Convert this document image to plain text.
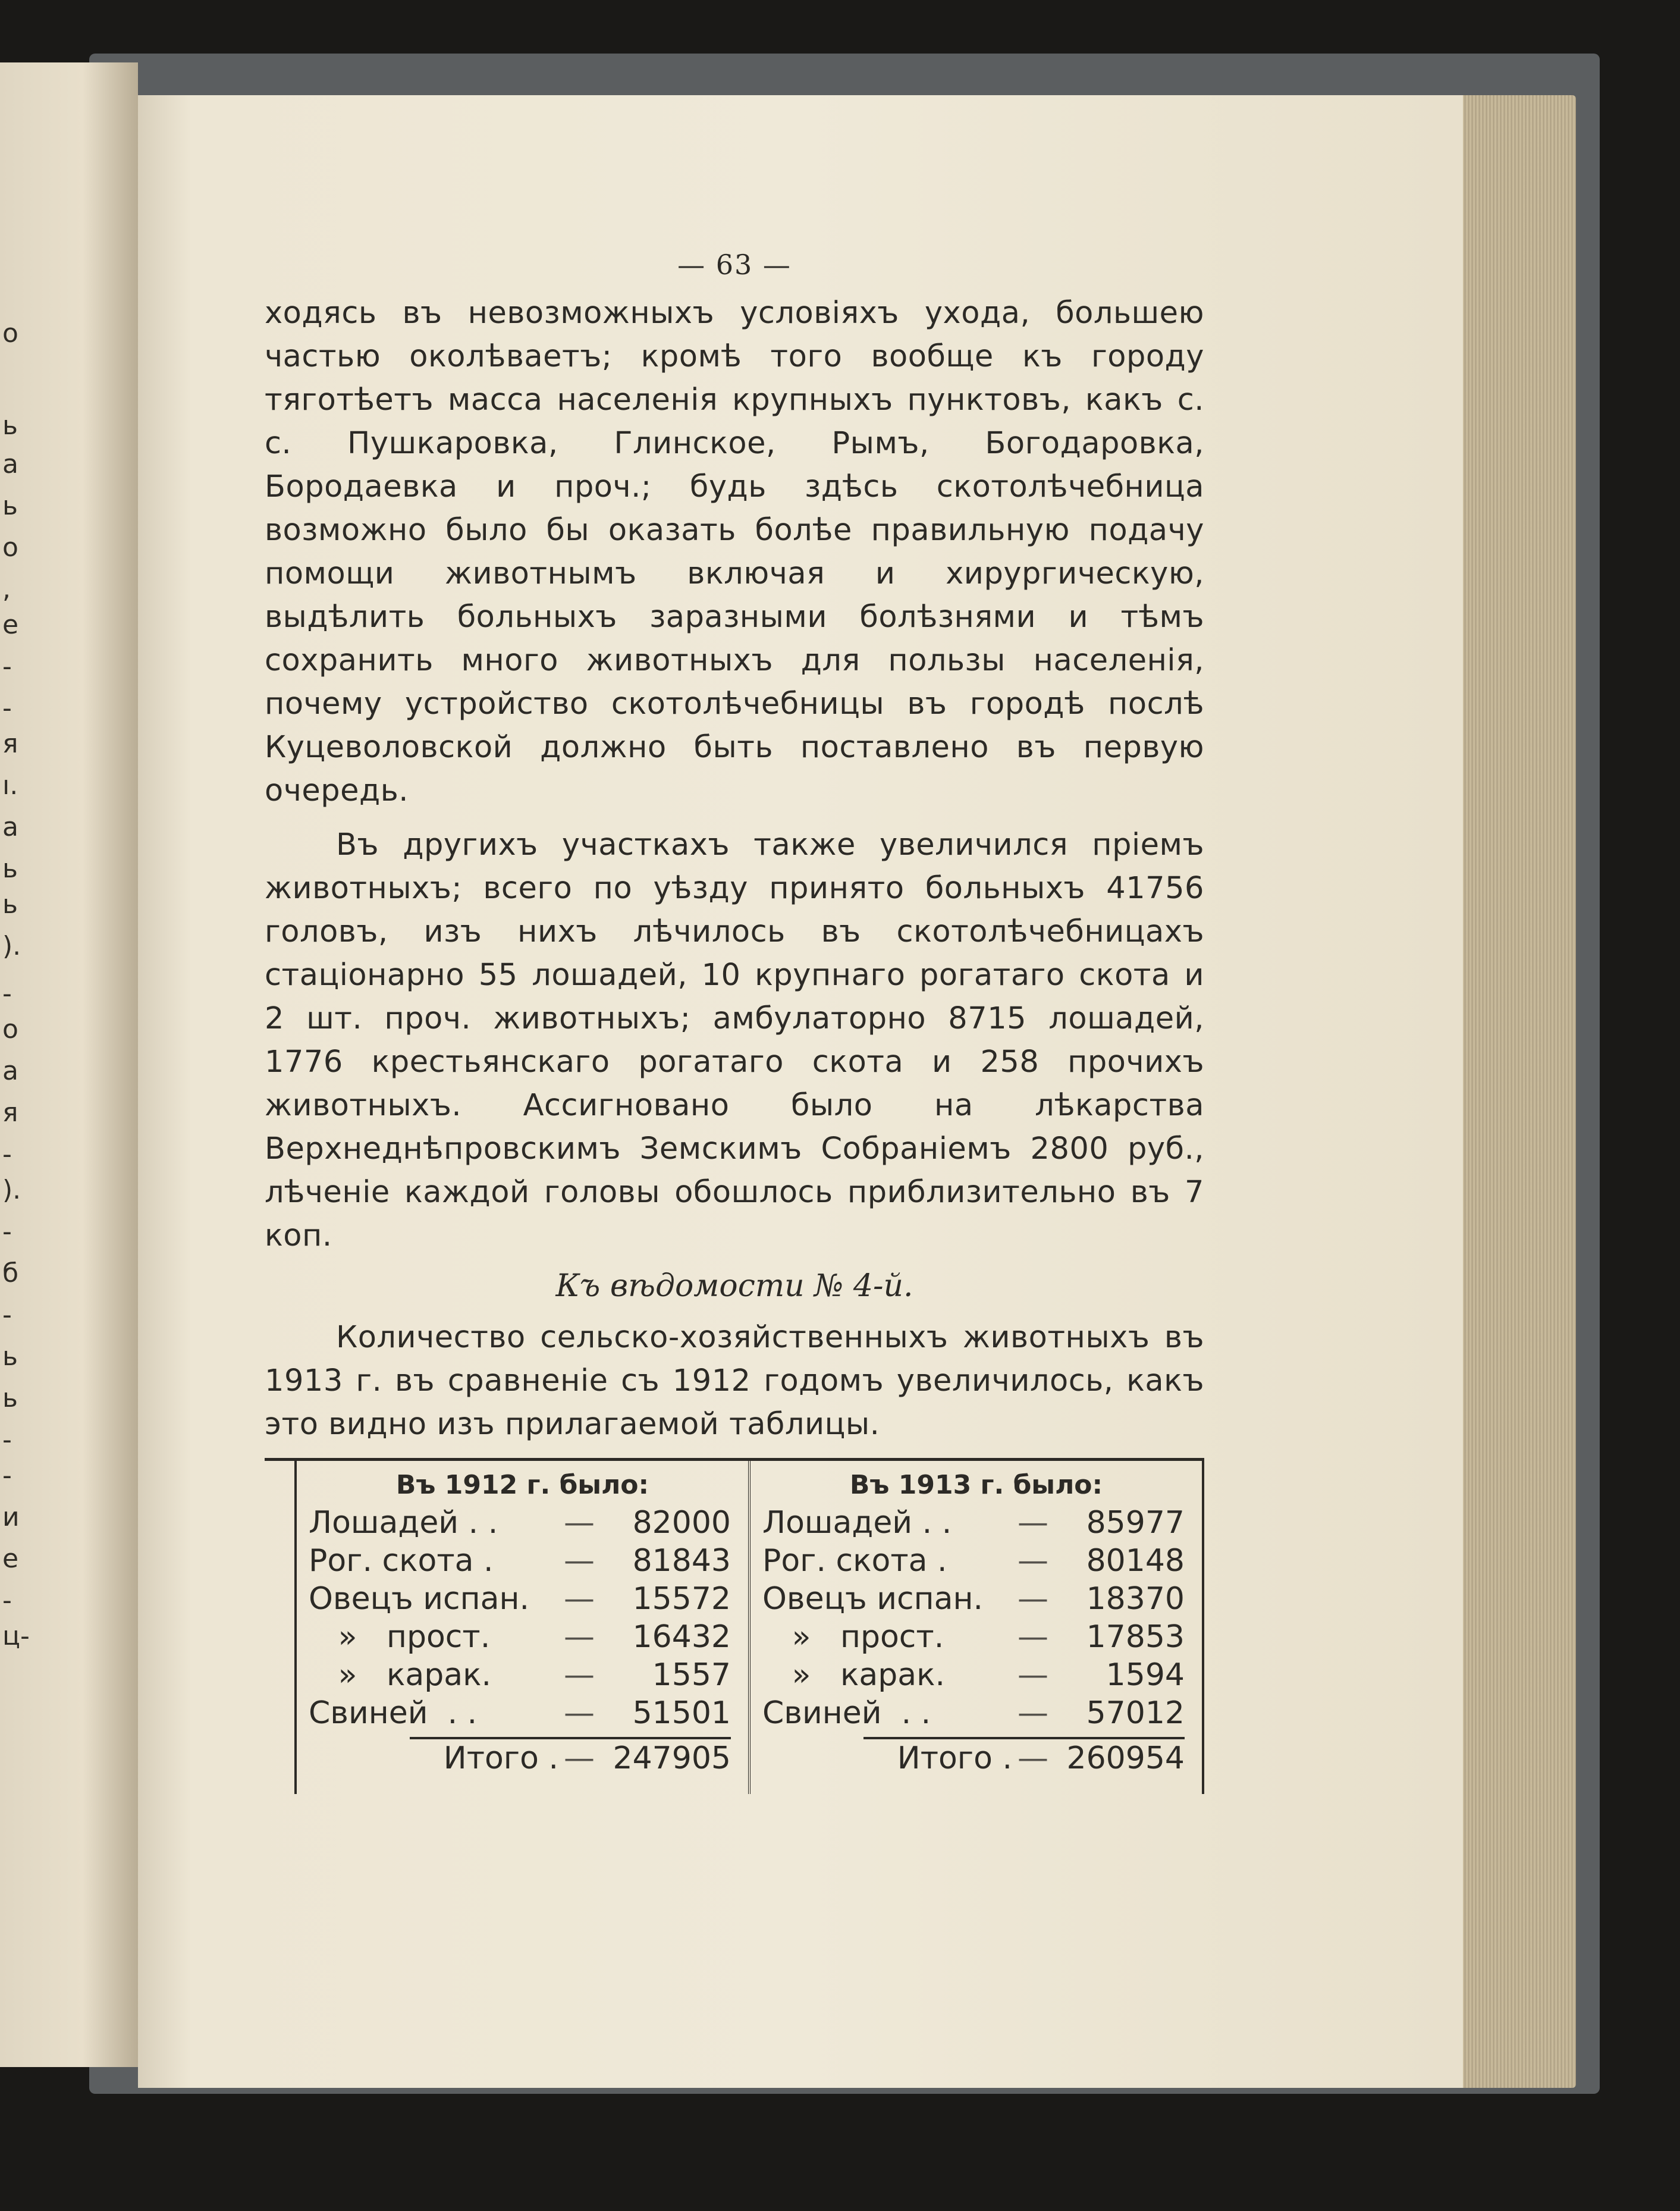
о
ь
а
ь
о
,
е
-
-
я
ı.
а
ь
ь
).
-
о
а
я
-
).
-
б
-
ь
ь
-
-
и
е
-
ц-
— 63 —

ходясь въ невозможныхъ условіяхъ ухода, большею частью околѣваетъ; кромѣ того вообще къ городу тяготѣетъ масса населенія крупныхъ пунктовъ, какъ с. с. Пушкаровка, Глинское, Рымъ, Богодаровка, Бородаевка и проч.; будь здѣсь скотолѣчебница возможно было бы оказать болѣе правильную подачу помощи животнымъ включая и хирургическую, выдѣлить больныхъ заразными болѣзнями и тѣмъ сохранить много животныхъ для пользы населенія, почему устройство скотолѣчебницы въ городѣ послѣ Куцеволовской должно быть поставлено въ первую очередь.

Въ другихъ участкахъ также увеличился пріемъ животныхъ; всего по уѣзду принято больныхъ 41756 головъ, изъ нихъ лѣчилось въ скотолѣчебницахъ стаціонарно 55 лошадей, 10 крупнаго рогатаго скота и 2 шт. проч. животныхъ; амбулаторно 8715 лошадей, 1776 крестьянскаго рогатаго скота и 258 прочихъ животныхъ. Ассигновано было на лѣкарства Верхнеднѣпровскимъ Земскимъ Собраніемъ 2800 руб., лѣченіе каждой головы обошлось приблизительно въ 7 коп.

Къ вѣдомости № 4-й.

Количество сельско-хозяйственныхъ животныхъ въ 1913 г. въ сравненіе съ 1912 годомъ увеличилось, какъ это видно изъ прилагаемой таблицы.

Въ 1912 г. было:
Лошадей . .	—	82000
Рог. скота .	—	81843
Овецъ испан.	—	15572
»   прост.	—	16432
»   карак.	—	1557
Свиней  . .	—	51501
Итого . — 247905
Въ 1913 г. было:
Лошадей . .	—	85977
Рог. скота .	—	80148
Овецъ испан.	—	18370
»   прост.	—	17853
»   карак.	—	1594
Свиней  . .	—	57012
Итого . — 260954
